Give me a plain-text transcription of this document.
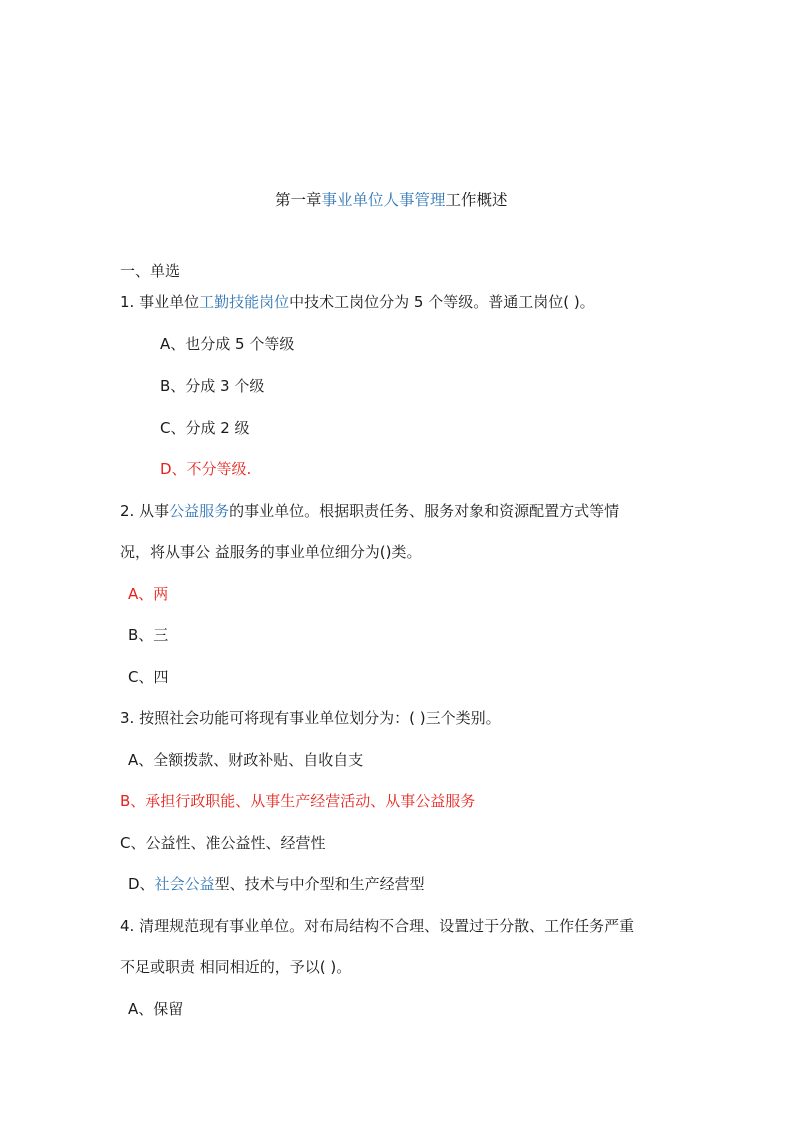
第一章事业单位人事管理工作概述
一、单选
1. 事业单位工勤技能岗位中技术工岗位分为 5 个等级。普通工岗位( )。
A、也分成 5 个等级
B、分成 3 个级
C、分成 2 级
D、不分等级.
2. 从事公益服务的事业单位。根据职责任务、服务对象和资源配置方式等情
况，将从事公 益服务的事业单位细分为()类。
A、两
B、三
C、四
3. 按照社会功能可将现有事业单位划分为：( )三个类别。
A、全额拨款、财政补贴、自收自支
B、承担行政职能、从事生产经营活动、从事公益服务
C、公益性、准公益性、经营性
D、社会公益型、技术与中介型和生产经营型
4. 清理规范现有事业单位。对布局结构不合理、设置过于分散、工作任务严重
不足或职责 相同相近的，予以( )。
A、保留
